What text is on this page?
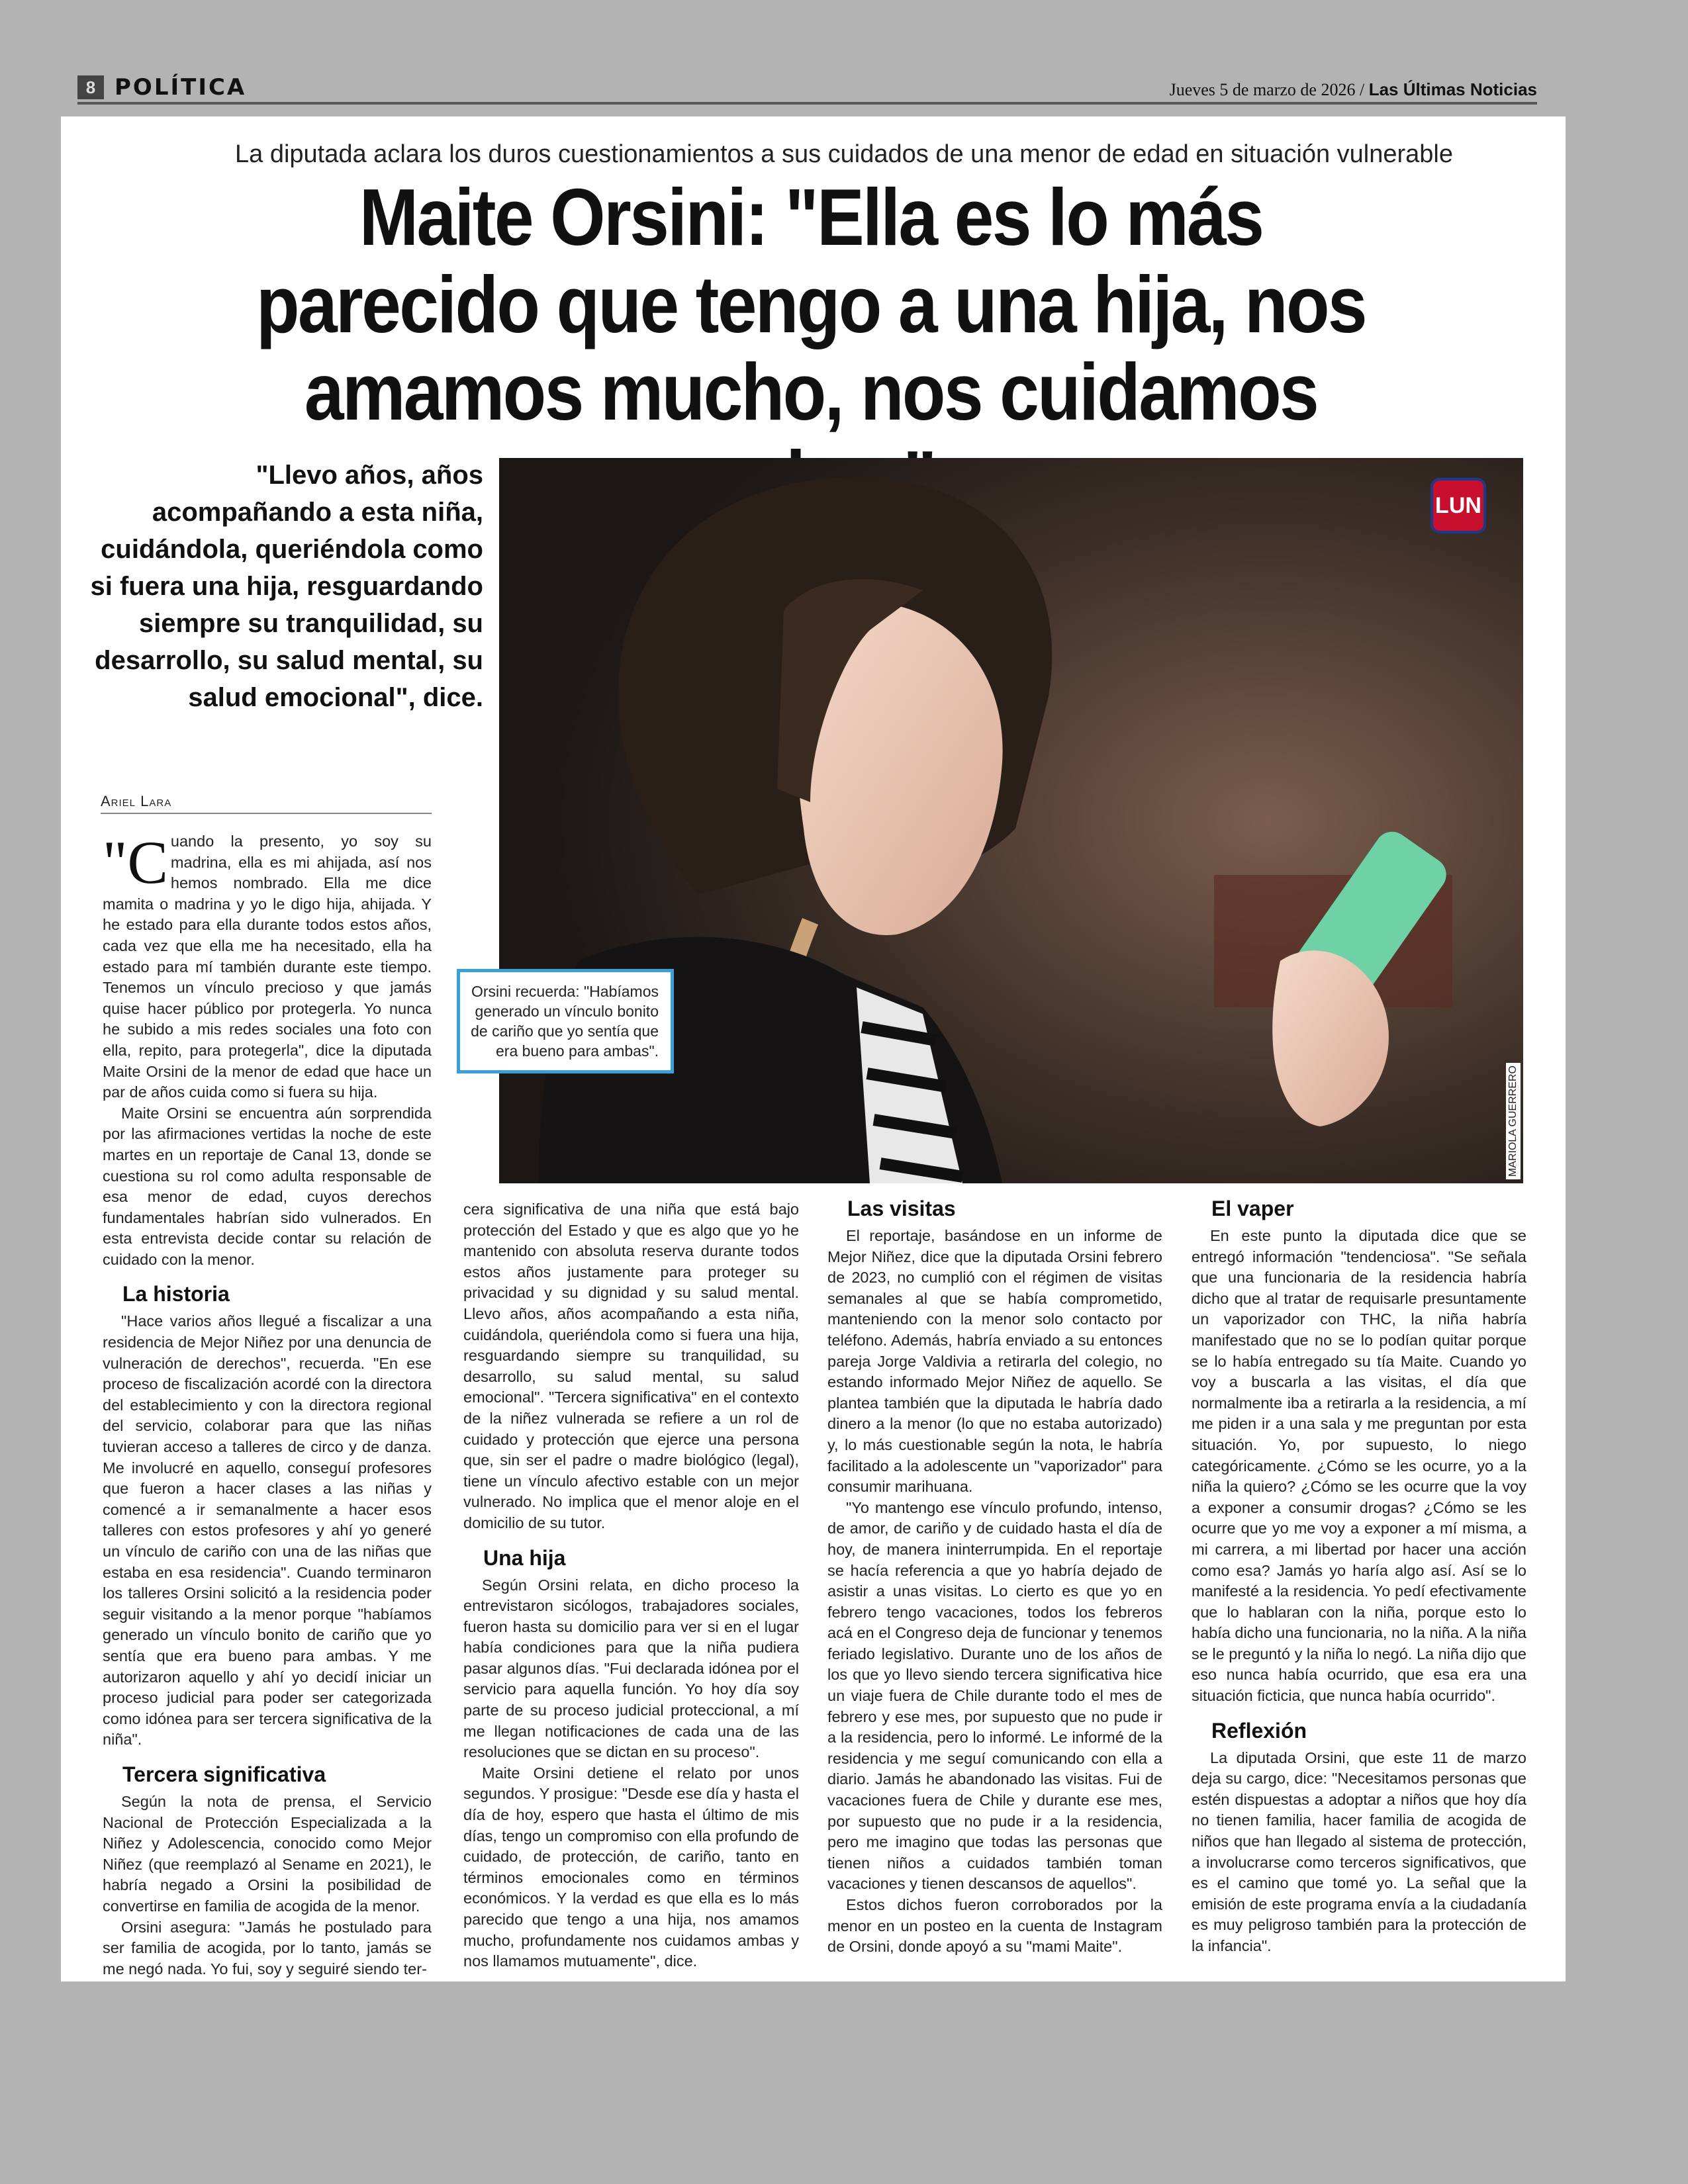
8 POLÍTICA	Jueves 5 de marzo de 2026 / Las Últimas Noticias
La diputada aclara los duros cuestionamientos a sus cuidados de una menor de edad en situación vulnerable
Maite Orsini: "Ella es lo más parecido que tengo a una hija, nos amamos mucho, nos cuidamos
"Llevo años, años acompañando a esta niña, cuidándola, queriéndola como si fuera una hija, resguardando siempre su tranquilidad, su desarrollo, su salud mental, su salud emocional", dice.
LUN
MARIOLA GUERRERO
Orsini recuerda: "Habíamos generado un vínculo bonito de cariño que yo sentía que era bueno para ambas".
Ariel Lara

"Cuando la presento, yo soy su madrina, ella es mi ahijada, así nos hemos nombrado. Ella me dice mamita o madrina y yo le digo hija, ahijada. Y he estado para ella durante todos estos años, cada vez que ella me ha necesitado, ella ha estado para mí también durante este tiempo. Tenemos un vínculo precioso y que jamás quise hacer público por protegerla. Yo nunca he subido a mis redes sociales una foto con ella, repito, para protegerla", dice la diputada Maite Orsini de la menor de edad que hace un par de años cuida como si fuera su hija.

Maite Orsini se encuentra aún sorprendida por las afirmaciones vertidas la noche de este martes en un reportaje de Canal 13, donde se cuestiona su rol como adulta responsable de esa menor de edad, cuyos derechos fundamentales habrían sido vulnerados. En esta entrevista decide contar su relación de cuidado con la menor.

La historia

"Hace varios años llegué a fiscalizar a una residencia de Mejor Niñez por una denuncia de vulneración de derechos", recuerda. "En ese proceso de fiscalización acordé con la directora del establecimiento y con la directora regional del servicio, colaborar para que las niñas tuvieran acceso a talleres de circo y de danza. Me involucré en aquello, conseguí profesores que fueron a hacer clases a las niñas y comencé a ir semanalmente a hacer esos talleres con estos profesores y ahí yo generé un vínculo de cariño con una de las niñas que estaba en esa residencia". Cuando terminaron los talleres Orsini solicitó a la residencia poder seguir visitando a la menor porque "habíamos generado un vínculo bonito de cariño que yo sentía que era bueno para ambas. Y me autorizaron aquello y ahí yo decidí iniciar un proceso judicial para poder ser categorizada como idónea para ser tercera significativa de la niña".

Tercera significativa

Según la nota de prensa, el Servicio Nacional de Protección Especializada a la Niñez y Adolescencia, conocido como Mejor Niñez (que reemplazó al Sename en 2021), le habría negado a Orsini la posibilidad de convertirse en familia de acogida de la menor.

Orsini asegura: "Jamás he postulado para ser familia de acogida, por lo tanto, jamás se me negó nada. Yo fui, soy y seguiré siendo ter-

cera significativa de una niña que está bajo protección del Estado y que es algo que yo he mantenido con absoluta reserva durante todos estos años justamente para proteger su privacidad y su dignidad y su salud mental. Llevo años, años acompañando a esta niña, cuidándola, queriéndola como si fuera una hija, resguardando siempre su tranquilidad, su desarrollo, su salud mental, su salud emocional". "Tercera significativa" en el contexto de la niñez vulnerada se refiere a un rol de cuidado y protección que ejerce una persona que, sin ser el padre o madre biológico (legal), tiene un vínculo afectivo estable con un mejor vulnerado. No implica que el menor aloje en el domicilio de su tutor.

Una hija

Según Orsini relata, en dicho proceso la entrevistaron sicólogos, trabajadores sociales, fueron hasta su domicilio para ver si en el lugar había condiciones para que la niña pudiera pasar algunos días. "Fui declarada idónea por el servicio para aquella función. Yo hoy día soy parte de su proceso judicial proteccional, a mí me llegan notificaciones de cada una de las resoluciones que se dictan en su proceso".

Maite Orsini detiene el relato por unos segundos. Y prosigue: "Desde ese día y hasta el día de hoy, espero que hasta el último de mis días, tengo un compromiso con ella profundo de cuidado, de protección, de cariño, tanto en términos emocionales como en términos económicos. Y la verdad es que ella es lo más parecido que tengo a una hija, nos amamos mucho, profundamente nos cuidamos ambas y nos llamamos mutuamente", dice.

Las visitas

El reportaje, basándose en un informe de Mejor Niñez, dice que la diputada Orsini febrero de 2023, no cumplió con el régimen de visitas semanales al que se había comprometido, manteniendo con la menor solo contacto por teléfono. Además, habría enviado a su entonces pareja Jorge Valdivia a retirarla del colegio, no estando informado Mejor Niñez de aquello. Se plantea también que la diputada le habría dado dinero a la menor (lo que no estaba autorizado) y, lo más cuestionable según la nota, le habría facilitado a la adolescente un "vaporizador" para consumir marihuana.

"Yo mantengo ese vínculo profundo, intenso, de amor, de cariño y de cuidado hasta el día de hoy, de manera ininterrumpida. En el reportaje se hacía referencia a que yo habría dejado de asistir a unas visitas. Lo cierto es que yo en febrero tengo vacaciones, todos los febreros acá en el Congreso deja de funcionar y tenemos feriado legislativo. Durante uno de los años de los que yo llevo siendo tercera significativa hice un viaje fuera de Chile durante todo el mes de febrero y ese mes, por supuesto que no pude ir a la residencia, pero lo informé. Le informé de la residencia y me seguí comunicando con ella a diario. Jamás he abandonado las visitas. Fui de vacaciones fuera de Chile y durante ese mes, por supuesto que no pude ir a la residencia, pero me imagino que todas las personas que tienen niños a cuidados también toman vacaciones y tienen descansos de aquellos".

Estos dichos fueron corroborados por la menor en un posteo en la cuenta de Instagram de Orsini, donde apoyó a su "mami Maite".

El vaper

En este punto la diputada dice que se entregó información "tendenciosa". "Se señala que una funcionaria de la residencia habría dicho que al tratar de requisarle presuntamente un vaporizador con THC, la niña habría manifestado que no se lo podían quitar porque se lo había entregado su tía Maite. Cuando yo voy a buscarla a las visitas, el día que normalmente iba a retirarla a la residencia, a mí me piden ir a una sala y me preguntan por esta situación. Yo, por supuesto, lo niego categóricamente. ¿Cómo se les ocurre, yo a la niña la quiero? ¿Cómo se les ocurre que la voy a exponer a consumir drogas? ¿Cómo se les ocurre que yo me voy a exponer a mí misma, a mi carrera, a mi libertad por hacer una acción como esa? Jamás yo haría algo así. Así se lo manifesté a la residencia. Yo pedí efectivamente que lo hablaran con la niña, porque esto lo había dicho una funcionaria, no la niña. A la niña se le preguntó y la niña lo negó. La niña dijo que eso nunca había ocurrido, que esa era una situación ficticia, que nunca había ocurrido".

Reflexión

La diputada Orsini, que este 11 de marzo deja su cargo, dice: "Necesitamos personas que estén dispuestas a adoptar a niños que hoy día no tienen familia, hacer familia de acogida de niños que han llegado al sistema de protección, a involucrarse como terceros significativos, que es el camino que tomé yo. La señal que la emisión de este programa envía a la ciudadanía es muy peligroso también para la protección de la infancia".
